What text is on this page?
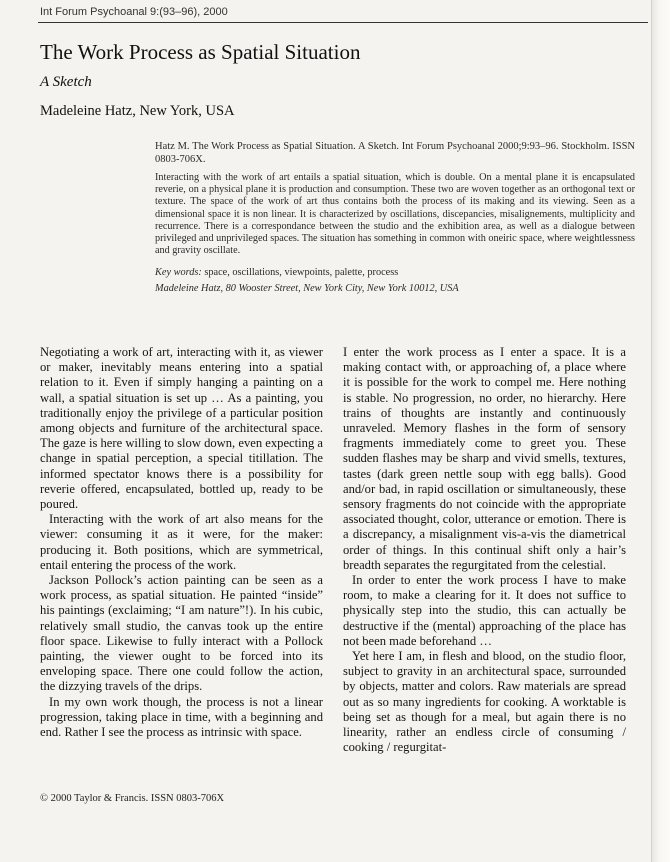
Int Forum Psychoanal 9:(93–96), 2000
The Work Process as Spatial Situation
A Sketch
Madeleine Hatz, New York, USA

Hatz M. The Work Process as Spatial Situation. A Sketch. Int Forum Psychoanal 2000;9:93–96. Stockholm. ISSN 0803-706X.

Interacting with the work of art entails a spatial situation, which is double. On a mental plane it is encapsulated reverie, on a physical plane it is production and consumption. These two are woven together as an orthogonal text or texture. The space of the work of art thus contains both the process of its making and its viewing. Seen as a dimensional space it is non linear. It is characterized by oscillations, discepancies, misalignements, multiplicity and recurrence. There is a correspondance between the studio and the exhibition area, as well as a dialogue between privileged and unprivileged spaces. The situation has something in common with oneiric space, where weightlessness and gravity oscillate.

Key words: space, oscillations, viewpoints, palette, process

Madeleine Hatz, 80 Wooster Street, New York City, New York 10012, USA

Negotiating a work of art, interacting with it, as viewer or maker, inevitably means entering into a spatial relation to it. Even if simply hanging a painting on a wall, a spatial situation is set up … As a painting, you traditionally enjoy the privilege of a particular position among objects and furniture of the architectural space. The gaze is here willing to slow down, even expecting a change in spatial perception, a special titillation. The informed spectator knows there is a possibility for reverie offered, encapsulated, bottled up, ready to be poured.

Interacting with the work of art also means for the viewer: consuming it as it were, for the maker: producing it. Both positions, which are symmetrical, entail entering the process of the work.

Jackson Pollock’s action painting can be seen as a work process, as spatial situation. He painted “inside” his paintings (exclaiming; “I am nature”!). In his cubic, relatively small studio, the canvas took up the entire floor space. Likewise to fully interact with a Pollock painting, the viewer ought to be forced into its enveloping space. There one could follow the action, the dizzying travels of the drips.

In my own work though, the process is not a linear progression, taking place in time, with a beginning and end. Rather I see the process as intrinsic with space.

I enter the work process as I enter a space. It is a making contact with, or approaching of, a place where it is possible for the work to compel me. Here nothing is stable. No progression, no order, no hierarchy. Here trains of thoughts are instantly and continuously unraveled. Memory flashes in the form of sensory fragments immediately come to greet you. These sudden flashes may be sharp and vivid smells, textures, tastes (dark green nettle soup with egg balls). Good and/or bad, in rapid oscillation or simultaneously, these sensory fragments do not coincide with the appropriate associated thought, color, utterance or emotion. There is a discrepancy, a misalignment vis-a-vis the diametrical order of things. In this continual shift only a hair’s breadth separates the regurgitated from the celestial.

In order to enter the work process I have to make room, to make a clearing for it. It does not suffice to physically step into the studio, this can actually be destructive if the (mental) approaching of the place has not been made beforehand …

Yet here I am, in flesh and blood, on the studio floor, subject to gravity in an architectural space, surrounded by objects, matter and colors. Raw materials are spread out as so many ingredients for cooking. A worktable is being set as though for a meal, but again there is no linearity, rather an endless circle of consuming / cooking / regurgitat-

© 2000 Taylor & Francis. ISSN 0803-706X
